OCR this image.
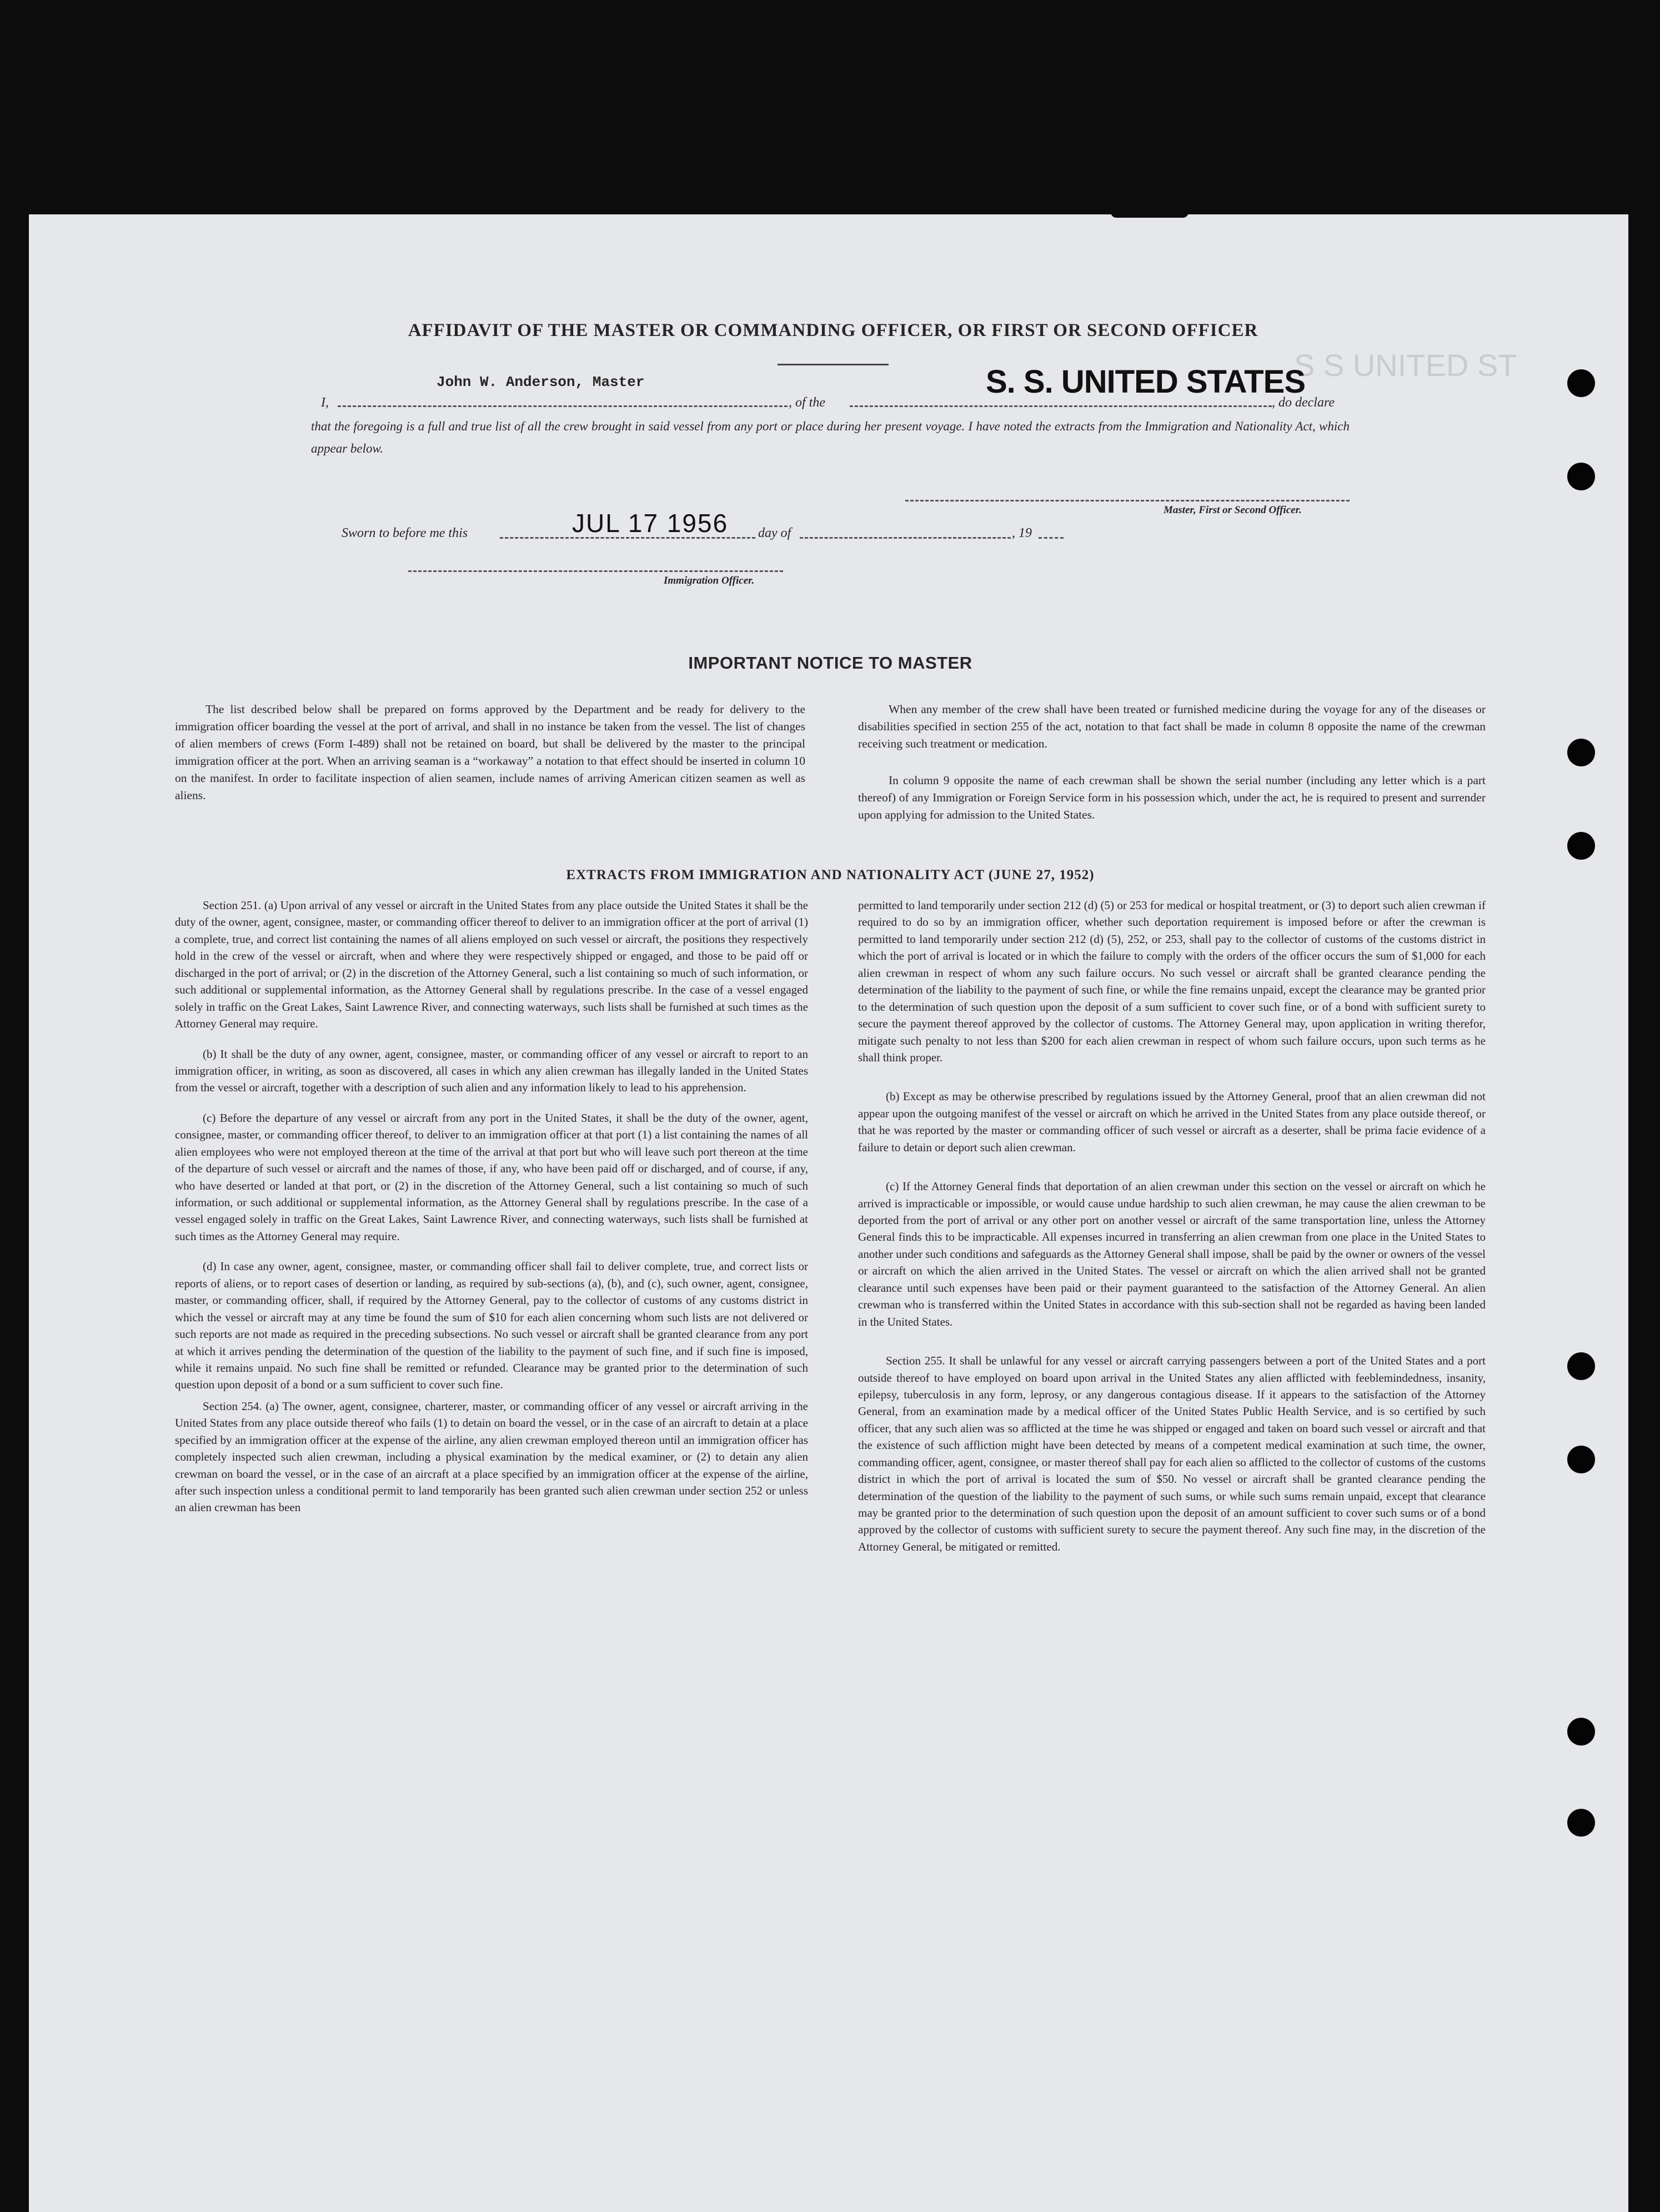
S S UNITED ST
AFFIDAVIT OF THE MASTER OR COMMANDING OFFICER, OR FIRST OR SECOND OFFICER
I,
John W. Anderson, Master
, of the
S. S. UNITED STATES
, do declare
that the foregoing is a full and true list of all the crew brought in said vessel from any port or place during her present voyage. I have noted the extracts from the Immigration and Nationality Act, which appear below.
Master, First or Second Officer.
Sworn to before me this	JUL 17 1956 day of	, 19
Immigration Officer.
IMPORTANT NOTICE TO MASTER
The list described below shall be prepared on forms approved by the Department and be ready for delivery to the immigration officer boarding the vessel at the port of arrival, and shall in no instance be taken from the vessel. The list of changes of alien members of crews (Form I-489) shall not be retained on board, but shall be delivered by the master to the principal immigration officer at the port. When an arriving seaman is a “workaway” a notation to that effect should be inserted in column 10 on the manifest. In order to facilitate inspection of alien seamen, include names of arriving American citizen seamen as well as aliens.
When any member of the crew shall have been treated or furnished medicine during the voyage for any of the diseases or disabilities specified in section 255 of the act, notation to that fact shall be made in column 8 opposite the name of the crewman receiving such treatment or medication.
In column 9 opposite the name of each crewman shall be shown the serial number (including any letter which is a part thereof) of any Immigration or Foreign Service form in his possession which, under the act, he is required to present and surrender upon applying for admission to the United States.
EXTRACTS FROM IMMIGRATION AND NATIONALITY ACT (JUNE 27, 1952)

Section 251. (a) Upon arrival of any vessel or aircraft in the United States from any place outside the United States it shall be the duty of the owner, agent, consignee, master, or commanding officer thereof to deliver to an immigration officer at the port of arrival (1) a complete, true, and correct list containing the names of all aliens employed on such vessel or aircraft, the positions they respectively hold in the crew of the vessel or aircraft, when and where they were respectively shipped or engaged, and those to be paid off or discharged in the port of arrival; or (2) in the discretion of the Attorney General, such a list containing so much of such information, or such additional or supplemental information, as the Attorney General shall by regulations prescribe. In the case of a vessel engaged solely in traffic on the Great Lakes, Saint Lawrence River, and connecting waterways, such lists shall be furnished at such times as the Attorney General may require.

(b) It shall be the duty of any owner, agent, consignee, master, or commanding officer of any vessel or aircraft to report to an immigration officer, in writing, as soon as discovered, all cases in which any alien crewman has illegally landed in the United States from the vessel or aircraft, together with a description of such alien and any information likely to lead to his apprehension.

(c) Before the departure of any vessel or aircraft from any port in the United States, it shall be the duty of the owner, agent, consignee, master, or commanding officer thereof, to deliver to an immigration officer at that port (1) a list containing the names of all alien employees who were not employed thereon at the time of the arrival at that port but who will leave such port thereon at the time of the departure of such vessel or aircraft and the names of those, if any, who have been paid off or discharged, and of course, if any, who have deserted or landed at that port, or (2) in the discretion of the Attorney General, such a list containing so much of such information, or such additional or supplemental information, as the Attorney General shall by regulations prescribe. In the case of a vessel engaged solely in traffic on the Great Lakes, Saint Lawrence River, and connecting waterways, such lists shall be furnished at such times as the Attorney General may require.

(d) In case any owner, agent, consignee, master, or commanding officer shall fail to deliver complete, true, and correct lists or reports of aliens, or to report cases of desertion or landing, as required by sub-sections (a), (b), and (c), such owner, agent, consignee, master, or commanding officer, shall, if required by the Attorney General, pay to the collector of customs of any customs district in which the vessel or aircraft may at any time be found the sum of $10 for each alien concerning whom such lists are not delivered or such reports are not made as required in the preceding subsections. No such vessel or aircraft shall be granted clearance from any port at which it arrives pending the determination of the question of the liability to the payment of such fine, and if such fine is imposed, while it remains unpaid. No such fine shall be remitted or refunded. Clearance may be granted prior to the determination of such question upon deposit of a bond or a sum sufficient to cover such fine.

Section 254. (a) The owner, agent, consignee, charterer, master, or commanding officer of any vessel or aircraft arriving in the United States from any place outside thereof who fails (1) to detain on board the vessel, or in the case of an aircraft to detain at a place specified by an immigration officer at the expense of the airline, any alien crewman employed thereon until an immigration officer has completely inspected such alien crewman, including a physical examination by the medical examiner, or (2) to detain any alien crewman on board the vessel, or in the case of an aircraft at a place specified by an immigration officer at the expense of the airline, after such inspection unless a conditional permit to land temporarily has been granted such alien crewman under section 252 or unless an alien crewman has been

permitted to land temporarily under section 212 (d) (5) or 253 for medical or hospital treatment, or (3) to deport such alien crewman if required to do so by an immigration officer, whether such deportation requirement is imposed before or after the crewman is permitted to land temporarily under section 212 (d) (5), 252, or 253, shall pay to the collector of customs of the customs district in which the port of arrival is located or in which the failure to comply with the orders of the officer occurs the sum of $1,000 for each alien crewman in respect of whom any such failure occurs. No such vessel or aircraft shall be granted clearance pending the determination of the liability to the payment of such fine, or while the fine remains unpaid, except the clearance may be granted prior to the determination of such question upon the deposit of a sum sufficient to cover such fine, or of a bond with sufficient surety to secure the payment thereof approved by the collector of customs. The Attorney General may, upon application in writing therefor, mitigate such penalty to not less than $200 for each alien crewman in respect of whom such failure occurs, upon such terms as he shall think proper.

(b) Except as may be otherwise prescribed by regulations issued by the Attorney General, proof that an alien crewman did not appear upon the outgoing manifest of the vessel or aircraft on which he arrived in the United States from any place outside thereof, or that he was reported by the master or commanding officer of such vessel or aircraft as a deserter, shall be prima facie evidence of a failure to detain or deport such alien crewman.

(c) If the Attorney General finds that deportation of an alien crewman under this section on the vessel or aircraft on which he arrived is impracticable or impossible, or would cause undue hardship to such alien crewman, he may cause the alien crewman to be deported from the port of arrival or any other port on another vessel or aircraft of the same transportation line, unless the Attorney General finds this to be impracticable. All expenses incurred in transferring an alien crewman from one place in the United States to another under such conditions and safeguards as the Attorney General shall impose, shall be paid by the owner or owners of the vessel or aircraft on which the alien arrived in the United States. The vessel or aircraft on which the alien arrived shall not be granted clearance until such expenses have been paid or their payment guaranteed to the satisfaction of the Attorney General. An alien crewman who is transferred within the United States in accordance with this sub-section shall not be regarded as having been landed in the United States.

Section 255. It shall be unlawful for any vessel or aircraft carrying passengers between a port of the United States and a port outside thereof to have employed on board upon arrival in the United States any alien afflicted with feeblemindedness, insanity, epilepsy, tuberculosis in any form, leprosy, or any dangerous contagious disease. If it appears to the satisfaction of the Attorney General, from an examination made by a medical officer of the United States Public Health Service, and is so certified by such officer, that any such alien was so afflicted at the time he was shipped or engaged and taken on board such vessel or aircraft and that the existence of such affliction might have been detected by means of a competent medical examination at such time, the owner, commanding officer, agent, consignee, or master thereof shall pay for each alien so afflicted to the collector of customs of the customs district in which the port of arrival is located the sum of $50. No vessel or aircraft shall be granted clearance pending the determination of the question of the liability to the payment of such sums, or while such sums remain unpaid, except that clearance may be granted prior to the determination of such question upon the deposit of an amount sufficient to cover such sums or of a bond approved by the collector of customs with sufficient surety to secure the payment thereof. Any such fine may, in the discretion of the Attorney General, be mitigated or remitted.
